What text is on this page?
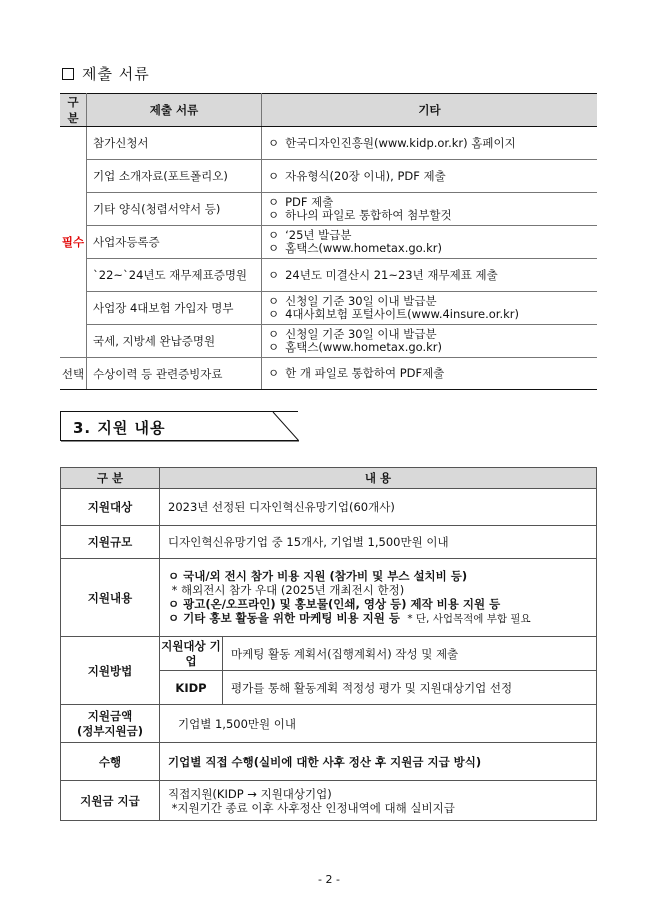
제출 서류
구분	제출 서류	기타
필수	참가신청서	ㅇ 한국디자인진흥원(www.kidp.or.kr) 홈페이지
	기업 소개자료(포트폴리오)	ㅇ 자유형식(20장 이내), PDF 제출
	기타 양식(청렴서약서 등)	ㅇ PDF 제출
ㅇ 하나의 파일로 통합하여 첨부할것

	사업자등록증	ㅇ ‘25년 발급분
ㅇ 홈택스(www.hometax.go.kr)

	`22~`24년도 재무제표증명원	ㅇ 24년도 미결산시 21~23년 재무제표 제출
	사업장 4대보험 가입자 명부	ㅇ 신청일 기준 30일 이내 발급분
ㅇ 4대사회보험 포털사이트(www.4insure.or.kr)

	국세, 지방세 완납증명원	ㅇ 신청일 기준 30일 이내 발급분
ㅇ 홈택스(www.hometax.go.kr)

선택	수상이력 등 관련증빙자료	ㅇ 한 개 파일로 통합하여 PDF제출
3. 지원 내용
구 분	내 용	
지원대상	2023년 선정된 디자인혁신유망기업(60개사)	
지원규모	디자인혁신유망기업 중 15개사, 기업별 1,500만원 이내	
지원내용	ㅇ 국내/외 전시 참가 비용 지원 (참가비 및 부스 설치비 등)
* 해외전시 참가 우대 (2025년 개최전시 한정)
ㅇ 광고(온/오프라인) 및 홍보물(인쇄, 영상 등) 제작 비용 지원 등
ㅇ 기타 홍보 활동을 위한 마케팅 비용 지원 등 * 단, 사업목적에 부합 필요	

지원방법	지원대상 기업	마케팅 활동 계획서(집행계획서) 작성 및 제출
	KIDP	평가를 통해 활동계획 적정성 평가 및 지원대상기업 선정

지원금액
(정부지원금)	기업별 1,500만원 이내	
수행	기업별 직접 수행(실비에 대한 사후 정산 후 지원금 지급 방식)	
지원금 지급	직접지원(KIDP → 지원대상기업)
*지원기간 종료 이후 사후정산 인정내역에 대해 실비지급	
- 2 -
